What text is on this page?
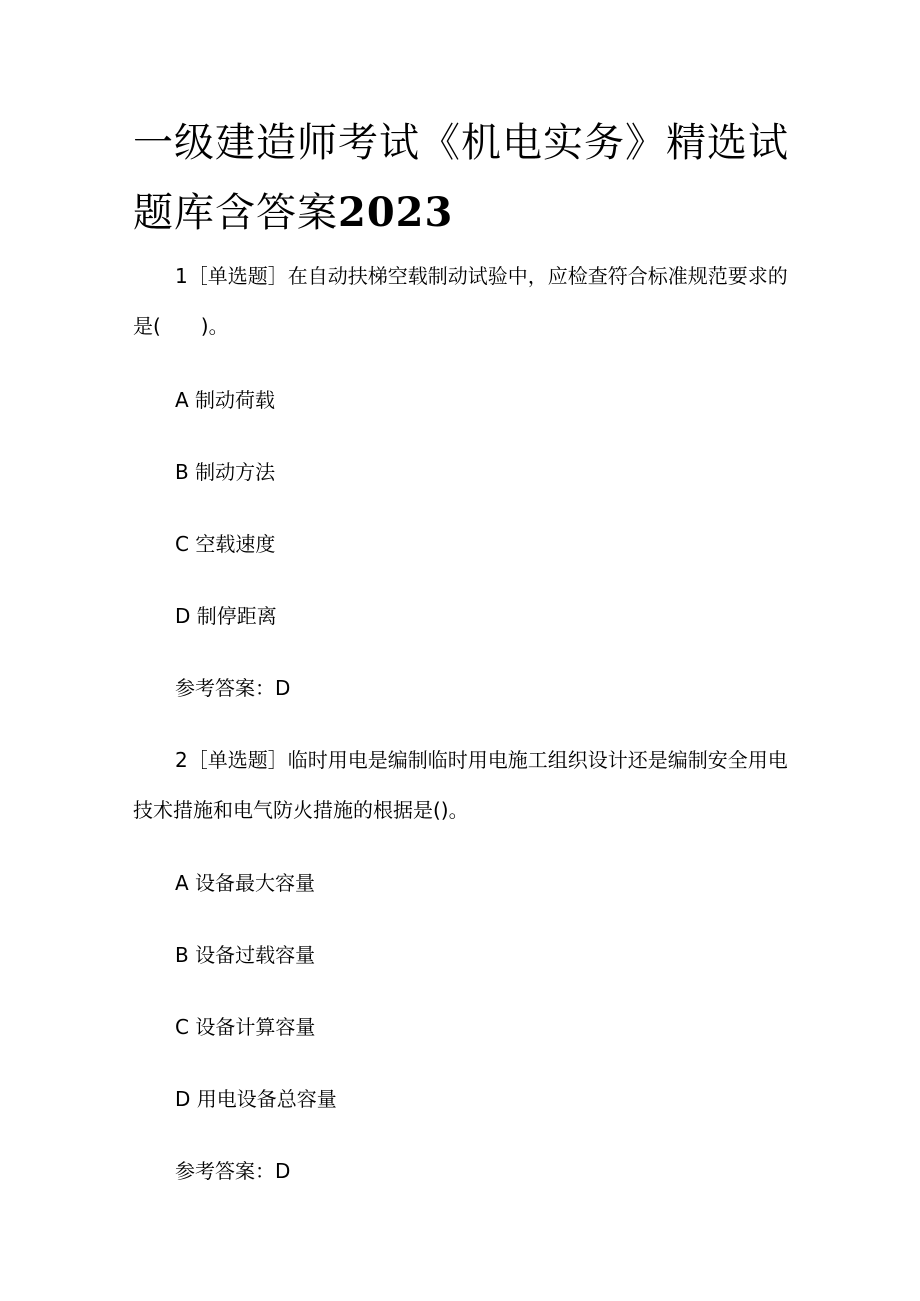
一级建造师考试《机电实务》精选试题库含答案2023
1［单选题］在自动扶梯空载制动试验中，应检查符合标准规范要求的
是(　　)。
A 制动荷载
B 制动方法
C 空载速度
D 制停距离
参考答案：D
2［单选题］临时用电是编制临时用电施工组织设计还是编制安全用电
技术措施和电气防火措施的根据是()。
A 设备最大容量
B 设备过载容量
C 设备计算容量
D 用电设备总容量
参考答案：D
